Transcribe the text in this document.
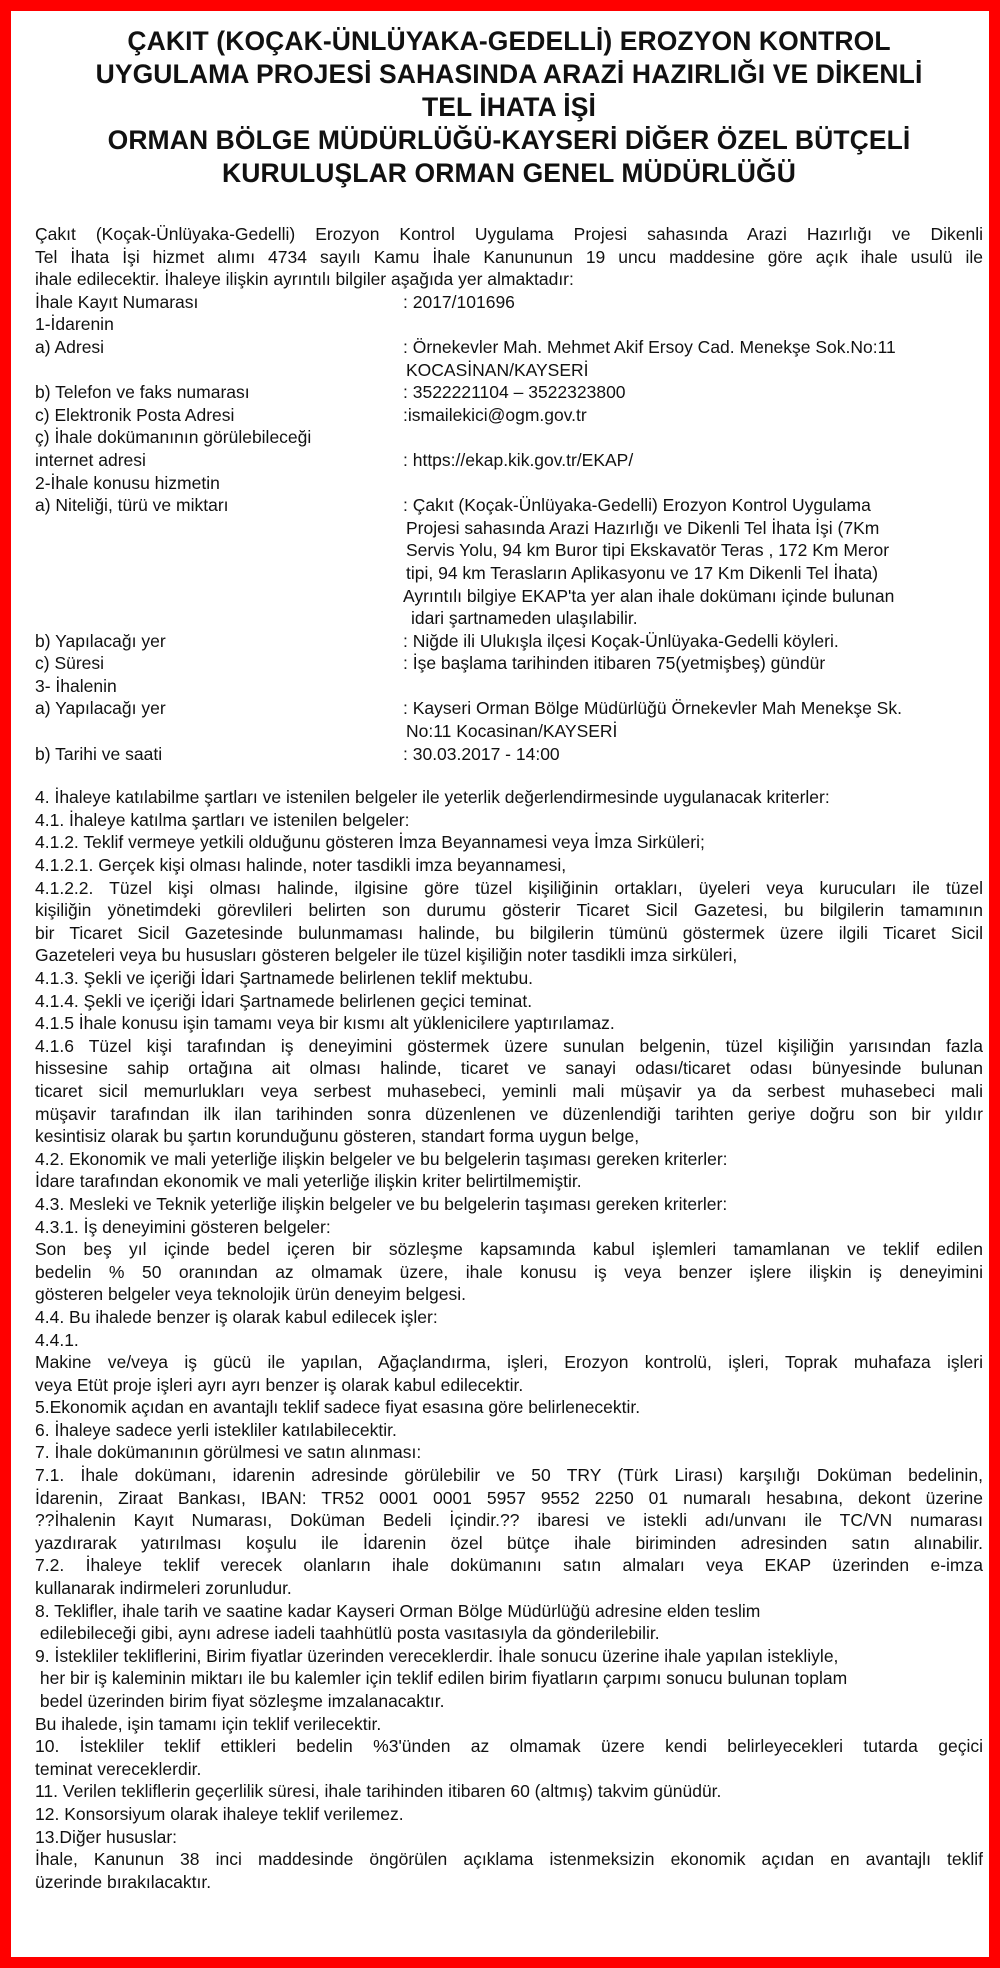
ÇAKIT (KOÇAK-ÜNLÜYAKA-GEDELLİ) EROZYON KONTROL
UYGULAMA PROJESİ SAHASINDA ARAZİ HAZIRLIĞI VE DİKENLİ
TEL İHATA İŞİ
ORMAN BÖLGE MÜDÜRLÜĞÜ-KAYSERİ DİĞER ÖZEL BÜTÇELİ
KURULUŞLAR ORMAN GENEL MÜDÜRLÜĞÜ
Çakıt (Koçak-Ünlüyaka-Gedelli) Erozyon Kontrol Uygulama Projesi sahasında Arazi Hazırlığı ve Dikenli
Tel İhata İşi hizmet alımı 4734 sayılı Kamu İhale Kanununun 19 uncu maddesine göre açık ihale usulü ile
ihale edilecektir. İhaleye ilişkin ayrıntılı bilgiler aşağıda yer almaktadır:
İhale Kayıt Numarası	: 2017/101696
1-İdarenin
a) Adresi	: Örnekevler Mah. Mehmet Akif Ersoy Cad. Menekşe Sok.No:11
KOCASİNAN/KAYSERİ
b) Telefon ve faks numarası	: 3522221104 – 3522323800
c) Elektronik Posta Adresi	:ismailekici@ogm.gov.tr
ç) İhale dokümanının görülebileceği
internet adresi	: https://ekap.kik.gov.tr/EKAP/
2-İhale konusu hizmetin
a) Niteliği, türü ve miktarı	: Çakıt (Koçak-Ünlüyaka-Gedelli) Erozyon Kontrol Uygulama
Projesi sahasında Arazi Hazırlığı ve Dikenli Tel İhata İşi (7Km
Servis Yolu, 94 km Buror tipi Ekskavatör Teras , 172 Km Meror
tipi, 94 km Terasların Aplikasyonu ve 17 Km Dikenli Tel İhata)
Ayrıntılı bilgiye EKAP'ta yer alan ihale dokümanı içinde bulunan
idari şartnameden ulaşılabilir.
b) Yapılacağı yer	: Niğde ili Ulukışla ilçesi Koçak-Ünlüyaka-Gedelli köyleri.
c) Süresi	: İşe başlama tarihinden itibaren 75(yetmişbeş) gündür
3- İhalenin
a) Yapılacağı yer	: Kayseri Orman Bölge Müdürlüğü Örnekevler Mah Menekşe Sk.
No:11 Kocasinan/KAYSERİ
b) Tarihi ve saati	: 30.03.2017 - 14:00
4. İhaleye katılabilme şartları ve istenilen belgeler ile yeterlik değerlendirmesinde uygulanacak kriterler:
4.1. İhaleye katılma şartları ve istenilen belgeler:
4.1.2. Teklif vermeye yetkili olduğunu gösteren İmza Beyannamesi veya İmza Sirküleri;
4.1.2.1. Gerçek kişi olması halinde, noter tasdikli imza beyannamesi,
4.1.2.2. Tüzel kişi olması halinde, ilgisine göre tüzel kişiliğinin ortakları, üyeleri veya kurucuları ile tüzel
kişiliğin yönetimdeki görevlileri belirten son durumu gösterir Ticaret Sicil Gazetesi, bu bilgilerin tamamının
bir Ticaret Sicil Gazetesinde bulunmaması halinde, bu bilgilerin tümünü göstermek üzere ilgili Ticaret Sicil
Gazeteleri veya bu hususları gösteren belgeler ile tüzel kişiliğin noter tasdikli imza sirküleri,
4.1.3. Şekli ve içeriği İdari Şartnamede belirlenen teklif mektubu.
4.1.4. Şekli ve içeriği İdari Şartnamede belirlenen geçici teminat.
4.1.5 İhale konusu işin tamamı veya bir kısmı alt yüklenicilere yaptırılamaz.
4.1.6 Tüzel kişi tarafından iş deneyimini göstermek üzere sunulan belgenin, tüzel kişiliğin yarısından fazla
hissesine sahip ortağına ait olması halinde, ticaret ve sanayi odası/ticaret odası bünyesinde bulunan
ticaret sicil memurlukları veya serbest muhasebeci, yeminli mali müşavir ya da serbest muhasebeci mali
müşavir tarafından ilk ilan tarihinden sonra düzenlenen ve düzenlendiği tarihten geriye doğru son bir yıldır
kesintisiz olarak bu şartın korunduğunu gösteren, standart forma uygun belge,
4.2. Ekonomik ve mali yeterliğe ilişkin belgeler ve bu belgelerin taşıması gereken kriterler:
İdare tarafından ekonomik ve mali yeterliğe ilişkin kriter belirtilmemiştir.
4.3. Mesleki ve Teknik yeterliğe ilişkin belgeler ve bu belgelerin taşıması gereken kriterler:
4.3.1. İş deneyimini gösteren belgeler:
Son beş yıl içinde bedel içeren bir sözleşme kapsamında kabul işlemleri tamamlanan ve teklif edilen
bedelin % 50 oranından az olmamak üzere, ihale konusu iş veya benzer işlere ilişkin iş deneyimini
gösteren belgeler veya teknolojik ürün deneyim belgesi.
4.4. Bu ihalede benzer iş olarak kabul edilecek işler:
4.4.1.
Makine ve/veya iş gücü ile yapılan, Ağaçlandırma, işleri, Erozyon kontrolü, işleri, Toprak muhafaza işleri
veya Etüt proje işleri ayrı ayrı benzer iş olarak kabul edilecektir.
5.Ekonomik açıdan en avantajlı teklif sadece fiyat esasına göre belirlenecektir.
6. İhaleye sadece yerli istekliler katılabilecektir.
7. İhale dokümanının görülmesi ve satın alınması:
7.1. İhale dokümanı, idarenin adresinde görülebilir ve 50 TRY (Türk Lirası) karşılığı Doküman bedelinin,
İdarenin, Ziraat Bankası, IBAN: TR52 0001 0001 5957 9552 2250 01 numaralı hesabına, dekont üzerine
??İhalenin Kayıt Numarası, Doküman Bedeli İçindir.?? ibaresi ve istekli adı/unvanı ile TC/VN numarası
yazdırarak yatırılması koşulu ile İdarenin özel bütçe ihale biriminden adresinden satın alınabilir.
7.2. İhaleye teklif verecek olanların ihale dokümanını satın almaları veya EKAP üzerinden e-imza
kullanarak indirmeleri zorunludur.
8. Teklifler, ihale tarih ve saatine kadar Kayseri Orman Bölge Müdürlüğü adresine elden teslim
edilebileceği gibi, aynı adrese iadeli taahhütlü posta vasıtasıyla da gönderilebilir.
9. İstekliler tekliflerini, Birim fiyatlar üzerinden vereceklerdir. İhale sonucu üzerine ihale yapılan istekliyle,
her bir iş kaleminin miktarı ile bu kalemler için teklif edilen birim fiyatların çarpımı sonucu bulunan toplam
bedel üzerinden birim fiyat sözleşme imzalanacaktır.
Bu ihalede, işin tamamı için teklif verilecektir.
10. İstekliler teklif ettikleri bedelin %3'ünden az olmamak üzere kendi belirleyecekleri tutarda geçici
teminat vereceklerdir.
11. Verilen tekliflerin geçerlilik süresi, ihale tarihinden itibaren 60 (altmış) takvim günüdür.
12. Konsorsiyum olarak ihaleye teklif verilemez.
13.Diğer hususlar:
İhale, Kanunun 38 inci maddesinde öngörülen açıklama istenmeksizin ekonomik açıdan en avantajlı teklif
üzerinde bırakılacaktır.
